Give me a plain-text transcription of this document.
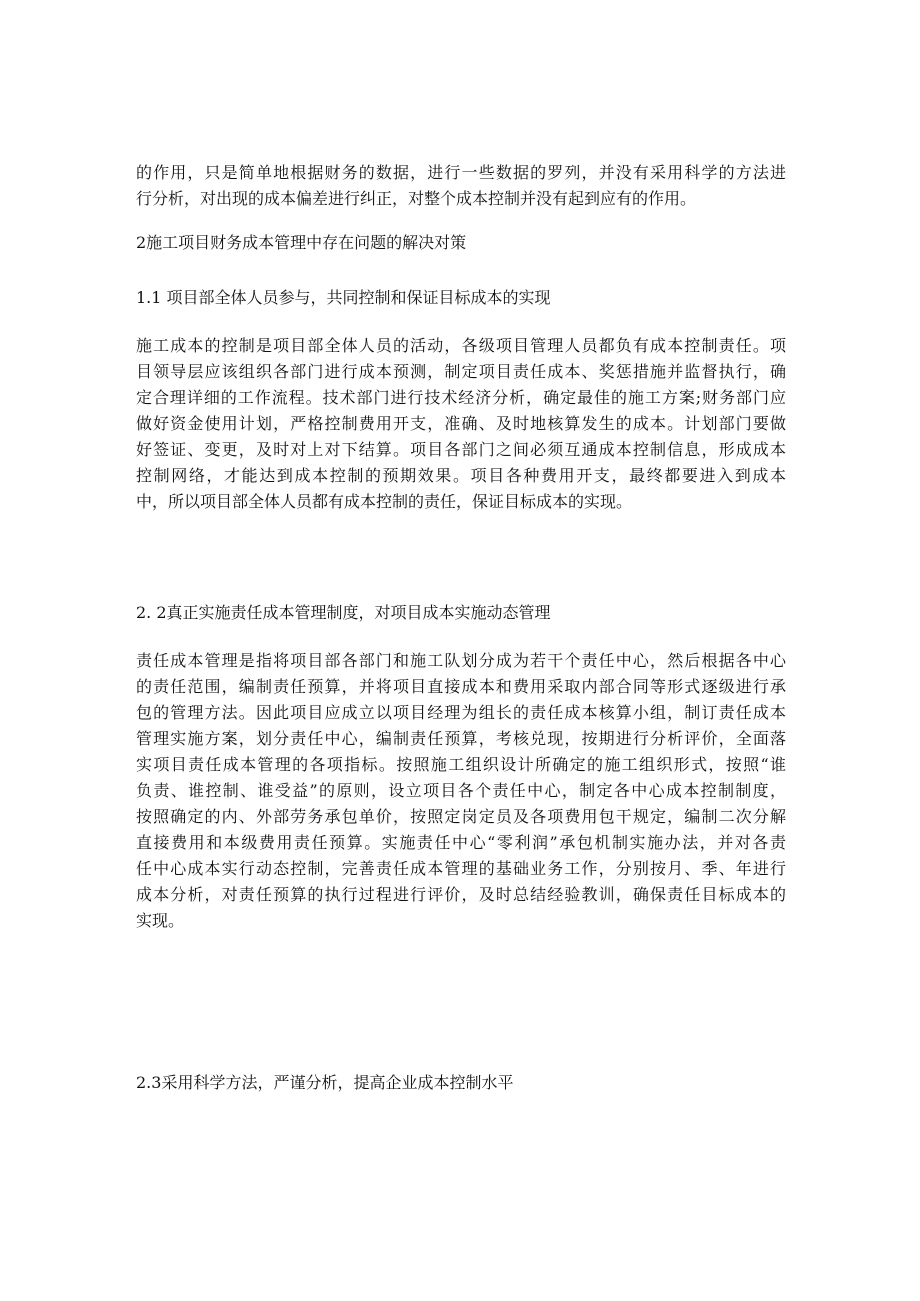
的作用，只是简单地根据财务的数据，进行一些数据的罗列，并没有采用科学的方法进
行分析，对出现的成本偏差进行纠正，对整个成本控制并没有起到应有的作用。

2施工项目财务成本管理中存在问题的解决对策

1.1 项目部全体人员参与，共同控制和保证目标成本的实现

施工成本的控制是项目部全体人员的活动，各级项目管理人员都负有成本控制责任。项
目领导层应该组织各部门进行成本预测，制定项目责任成本、奖惩措施并监督执行，确
定合理详细的工作流程。技术部门进行技术经济分析，确定最佳的施工方案;财务部门应
做好资金使用计划，严格控制费用开支，准确、及时地核算发生的成本。计划部门要做
好签证、变更，及时对上对下结算。项目各部门之间必须互通成本控制信息，形成成本
控制网络，才能达到成本控制的预期效果。项目各种费用开支，最终都要进入到成本
中，所以项目部全体人员都有成本控制的责任，保证目标成本的实现。

2. 2真正实施责任成本管理制度，对项目成本实施动态管理

责任成本管理是指将项目部各部门和施工队划分成为若干个责任中心，然后根据各中心
的责任范围，编制责任预算，并将项目直接成本和费用采取内部合同等形式逐级进行承
包的管理方法。因此项目应成立以项目经理为组长的责任成本核算小组，制订责任成本
管理实施方案，划分责任中心，编制责任预算，考核兑现，按期进行分析评价，全面落
实项目责任成本管理的各项指标。按照施工组织设计所确定的施工组织形式，按照“谁
负责、谁控制、谁受益”的原则，设立项目各个责任中心，制定各中心成本控制制度，
按照确定的内、外部劳务承包单价，按照定岗定员及各项费用包干规定，编制二次分解
直接费用和本级费用责任预算。实施责任中心“零利润”承包机制实施办法，并对各责
任中心成本实行动态控制，完善责任成本管理的基础业务工作，分别按月、季、年进行
成本分析，对责任预算的执行过程进行评价，及时总结经验教训，确保责任目标成本的
实现。

2.3采用科学方法，严谨分析，提高企业成本控制水平
